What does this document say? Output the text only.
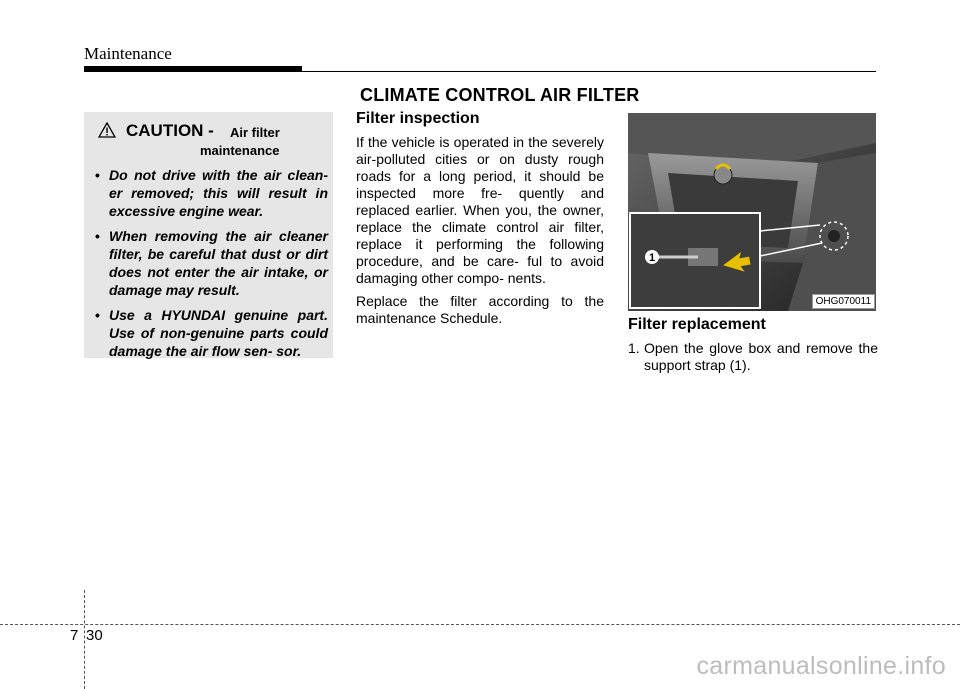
Maintenance
CLIMATE CONTROL AIR FILTER
CAUTION - Air filter
maintenance
• Do not drive with the air clean- er removed; this will result in excessive engine wear.
• When removing the air cleaner filter, be careful that dust or dirt does not enter the air intake, or damage may result.
• Use a HYUNDAI genuine part. Use of non-genuine parts could damage the air flow sen- sor.
Filter inspection

If the vehicle is operated in the severely air-polluted cities or on dusty rough roads for a long period, it should be inspected more fre- quently and replaced earlier. When you, the owner, replace the climate control air filter, replace it performing the following procedure, and be care- ful to avoid damaging other compo- nents.

Replace the filter according to the maintenance Schedule.

1
OHG070011
Filter replacement
1. Open the glove box and remove the support strap (1).
7 30
carmanualsonline.info
